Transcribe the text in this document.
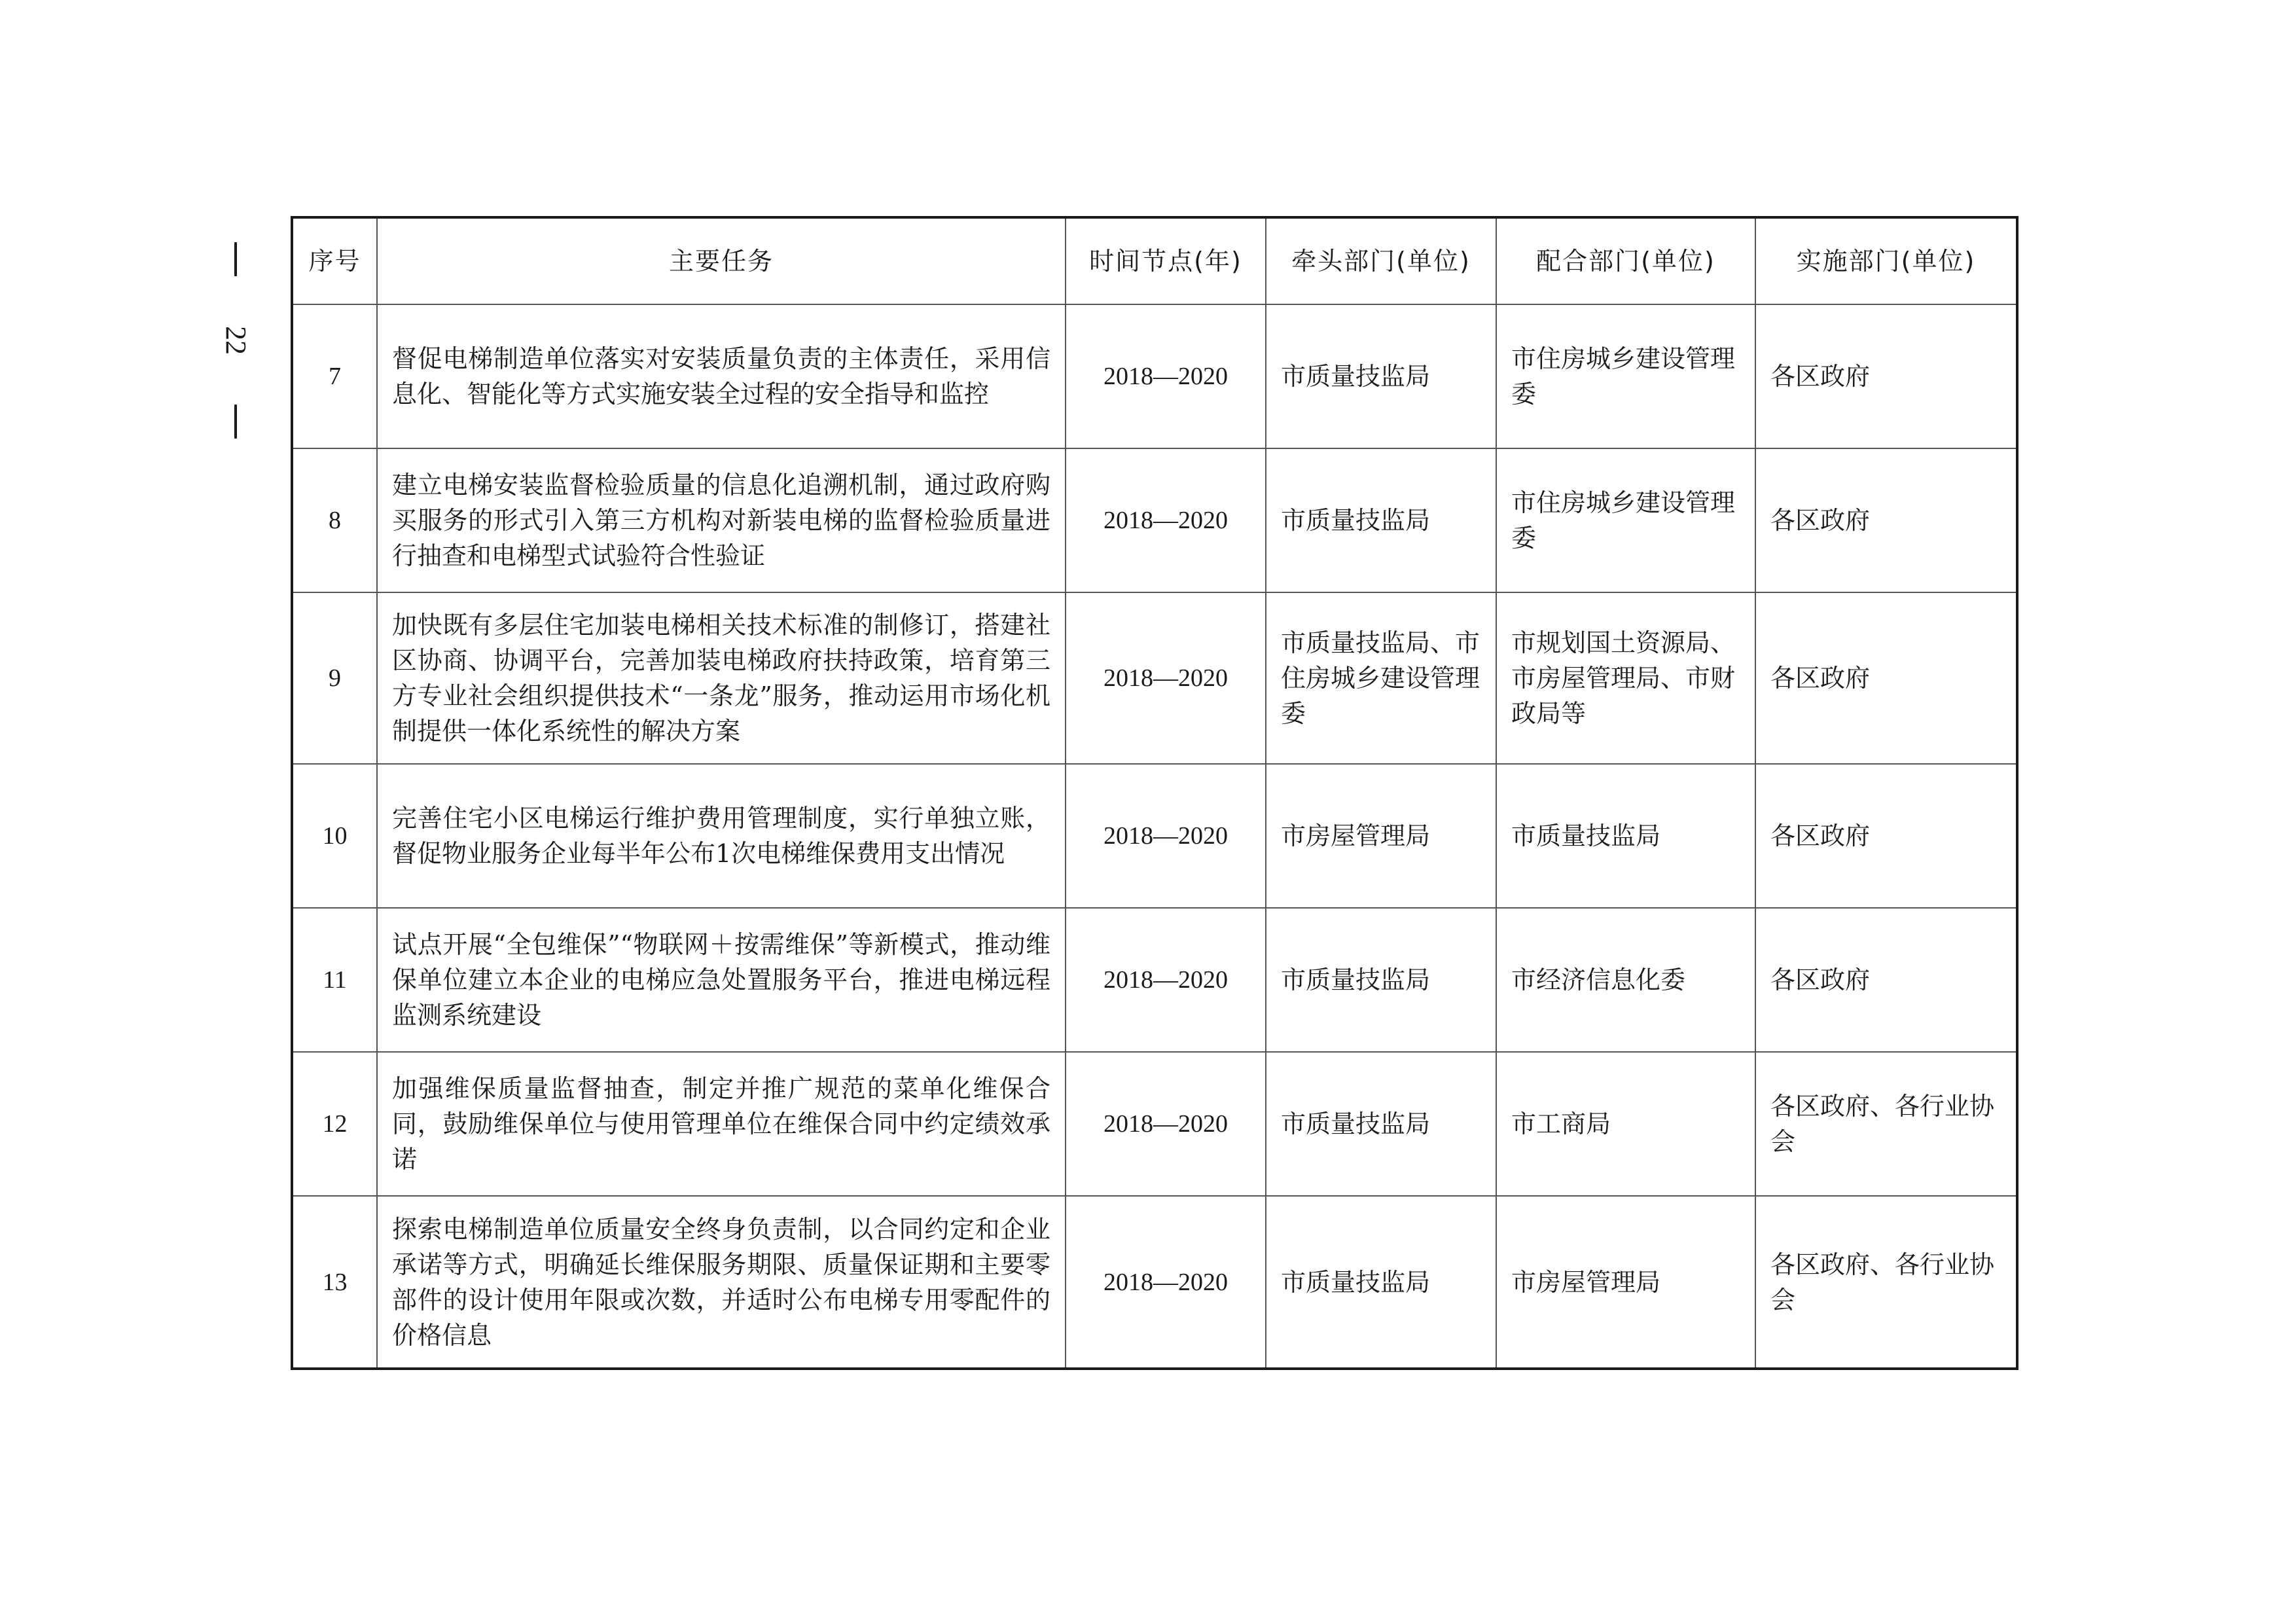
22
序号	主要任务	时间节点(年)	牵头部门(单位)	配合部门(单位)	实施部门(单位)
7	督促电梯制造单位落实对安装质量负责的主体责任，采用信息化、智能化等方式实施安装全过程的安全指导和监控	2018—2020	市质量技监局	市住房城乡建设管理委	各区政府
8	建立电梯安装监督检验质量的信息化追溯机制，通过政府购买服务的形式引入第三方机构对新装电梯的监督检验质量进行抽查和电梯型式试验符合性验证	2018—2020	市质量技监局	市住房城乡建设管理委	各区政府
9	加快既有多层住宅加装电梯相关技术标准的制修订，搭建社区协商、协调平台，完善加装电梯政府扶持政策，培育第三方专业社会组织提供技术“一条龙”服务，推动运用市场化机制提供一体化系统性的解决方案	2018—2020	市质量技监局、市住房城乡建设管理委	市规划国土资源局、市房屋管理局、市财政局等	各区政府
10	完善住宅小区电梯运行维护费用管理制度，实行单独立账，督促物业服务企业每半年公布1次电梯维保费用支出情况	2018—2020	市房屋管理局	市质量技监局	各区政府
11	试点开展“全包维保”“物联网＋按需维保”等新模式，推动维保单位建立本企业的电梯应急处置服务平台，推进电梯远程监测系统建设	2018—2020	市质量技监局	市经济信息化委	各区政府
12	加强维保质量监督抽查，制定并推广规范的菜单化维保合同，鼓励维保单位与使用管理单位在维保合同中约定绩效承诺	2018—2020	市质量技监局	市工商局	各区政府、各行业协会
13	探索电梯制造单位质量安全终身负责制，以合同约定和企业承诺等方式，明确延长维保服务期限、质量保证期和主要零部件的设计使用年限或次数，并适时公布电梯专用零配件的价格信息	2018—2020	市质量技监局	市房屋管理局	各区政府、各行业协会
